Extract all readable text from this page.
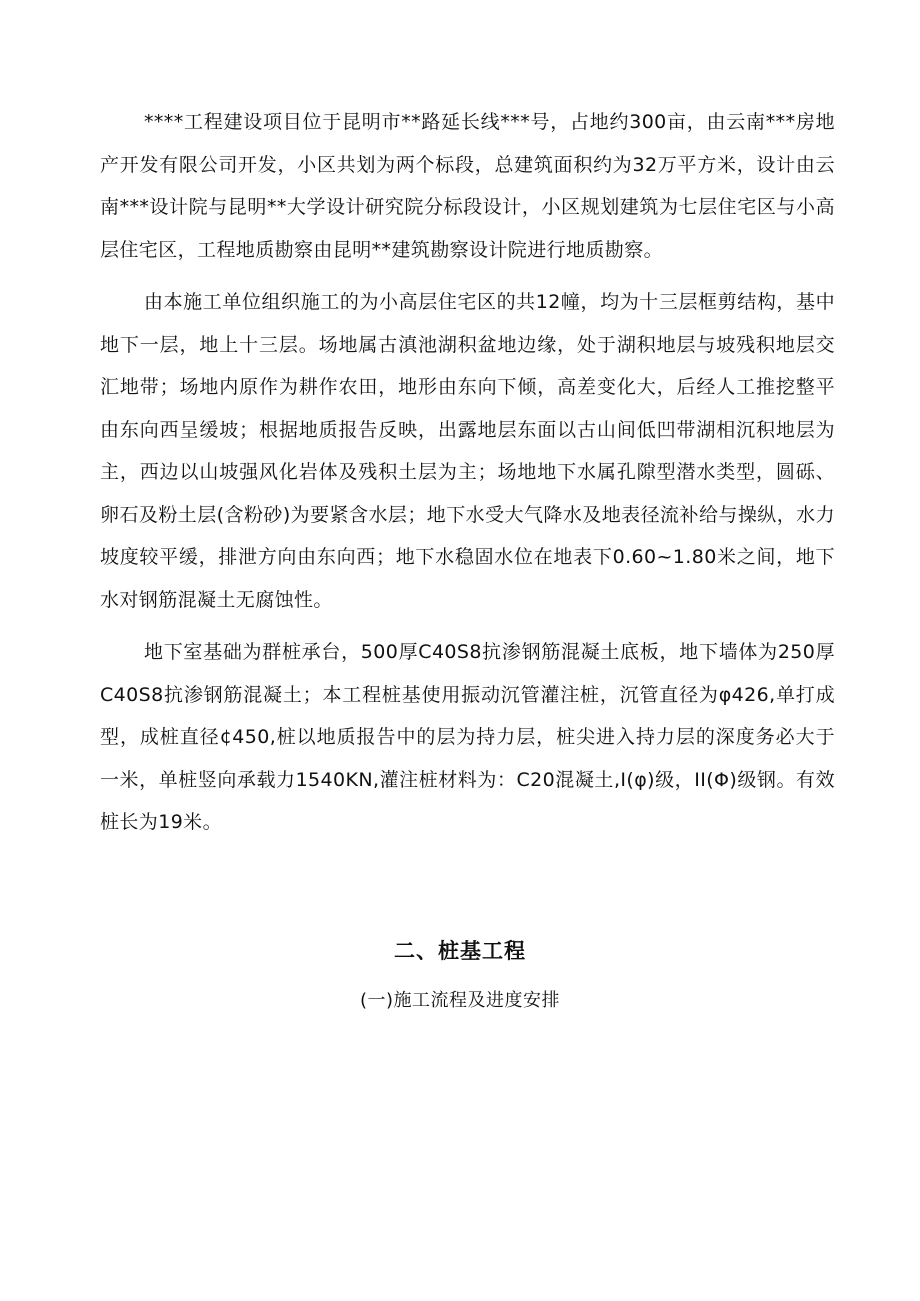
****工程建设项目位于昆明市**路延长线***号，占地约300亩，由云南***房地产开发有限公司开发，小区共划为两个标段，总建筑面积约为32万平方米，设计由云南***设计院与昆明**大学设计研究院分标段设计，小区规划建筑为七层住宅区与小高层住宅区，工程地质勘察由昆明**建筑勘察设计院进行地质勘察。

由本施工单位组织施工的为小高层住宅区的共12幢，均为十三层框剪结构，基中地下一层，地上十三层。场地属古滇池湖积盆地边缘，处于湖积地层与坡残积地层交汇地带；场地内原作为耕作农田，地形由东向下倾，高差变化大，后经人工推挖整平由东向西呈缓坡；根据地质报告反映，出露地层东面以古山间低凹带湖相沉积地层为主，西边以山坡强风化岩体及残积土层为主；场地地下水属孔隙型潜水类型，圆砾、卵石及粉土层(含粉砂)为要紧含水层；地下水受大气降水及地表径流补给与操纵，水力坡度较平缓，排泄方向由东向西；地下水稳固水位在地表下0.60~1.80米之间，地下水对钢筋混凝土无腐蚀性。

地下室基础为群桩承台，500厚C40S8抗渗钢筋混凝土底板，地下墙体为250厚C40S8抗渗钢筋混凝土；本工程桩基使用振动沉管灌注桩，沉管直径为φ426,单打成型，成桩直径¢450,桩以地质报告中的层为持力层，桩尖进入持力层的深度务必大于一米，单桩竖向承载力1540KN,灌注桩材料为：C20混凝土,I(φ)级，II(Φ)级钢。有效桩长为19米。

二、桩基工程
(一)施工流程及进度安排
